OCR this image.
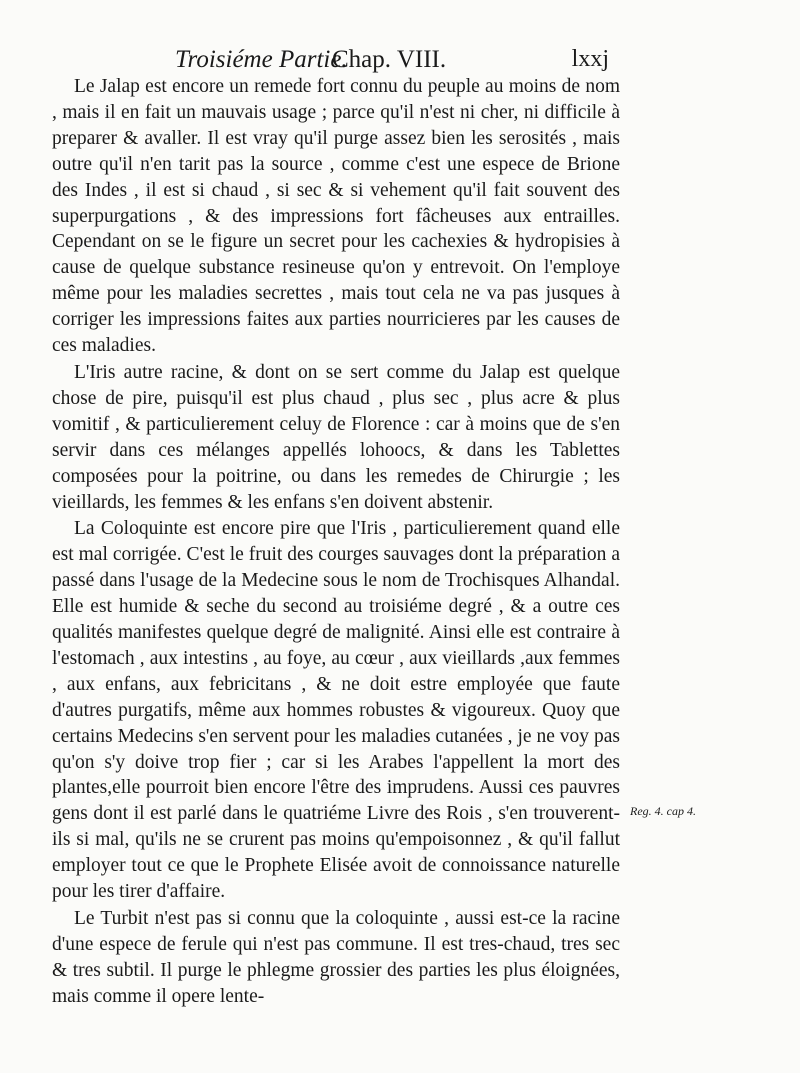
Troisiéme Partie.
Chap. VIII.	lxxj

Le Jalap est encore un remede fort connu du peuple au moins de nom , mais il en fait un mauvais usage ; parce qu'il n'est ni cher, ni difficile à preparer & avaller. Il est vray qu'il purge assez bien les serosités , mais outre qu'il n'en tarit pas la source , comme c'est une espece de Brione des Indes , il est si chaud , si sec & si vehement qu'il fait souvent des superpurgations , & des impressions fort fâcheuses aux entrailles. Cependant on se le figure un secret pour les cachexies & hydropisies à cause de quelque substance resineuse qu'on y entrevoit. On l'employe même pour les maladies secrettes , mais tout cela ne va pas jusques à corriger les impressions faites aux parties nourricieres par les causes de ces maladies.

L'Iris autre racine, & dont on se sert comme du Jalap est quelque chose de pire, puisqu'il est plus chaud , plus sec , plus acre & plus vomitif , & particulierement celuy de Florence : car à moins que de s'en servir dans ces mélanges appellés lohoocs, & dans les Tablettes composées pour la poitrine, ou dans les remedes de Chirurgie ; les vieillards, les femmes & les enfans s'en doivent abstenir.

La Coloquinte est encore pire que l'Iris , particulierement quand elle est mal corrigée. C'est le fruit des courges sauvages dont la préparation a passé dans l'usage de la Medecine sous le nom de Trochisques Alhandal. Elle est humide & seche du second au troisiéme degré , & a outre ces qualités manifestes quelque degré de malignité. Ainsi elle est contraire à l'estomach , aux intestins , au foye, au cœur , aux vieillards ,aux femmes , aux enfans, aux febricitans , & ne doit estre employée que faute d'autres purgatifs, même aux hommes robustes & vigoureux. Quoy que certains Medecins s'en servent pour les maladies cutanées , je ne voy pas qu'on s'y doive trop fier ; car si les Arabes l'appellent la mort des plantes,elle pourroit bien encore l'être des imprudens. Aussi ces pauvres gens dont il est parlé dans le quatriéme Livre des Rois , s'en trouverent-ils si mal, qu'ils ne se crurent pas moins qu'empoisonnez , & qu'il fallut employer tout ce que le Prophete Elisée avoit de connoissance naturelle pour les tirer d'affaire.

Le Turbit n'est pas si connu que la coloquinte , aussi est-ce la racine d'une espece de ferule qui n'est pas commune. Il est tres-chaud, tres sec & tres subtil. Il purge le phlegme grossier des parties les plus éloignées, mais comme il opere lente-

Reg. 4. cap 4.
